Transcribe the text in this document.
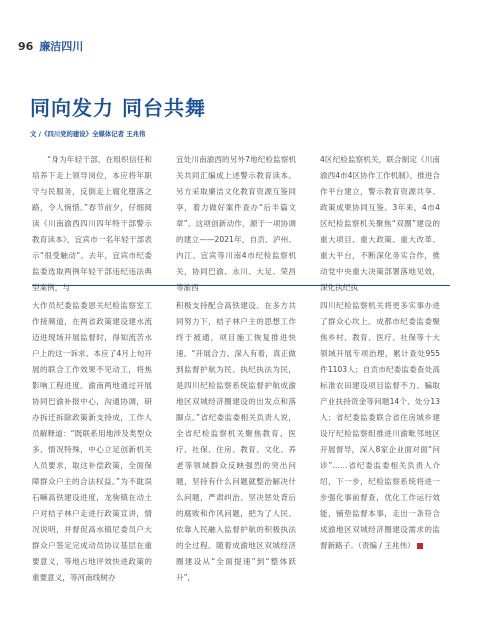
96 廉洁四川
同向发力 同台共舞
文 /《四川党的建设》全媒体记者 王兆伟

“身为年轻干部，在组织信任和培养下走上领导岗位，本应将年职守与民服务，反倒走上腐化堕落之路，令人惋惜。”春节前夕，仔细阅读《川南渝西四川四年特干部警示教育读本》，宜宾市一名年轻干部表示“很受触动”。去年，宜宾市纪委监委选取两例年轻干部违纪违法典型案例，与

宜处川南渝西的另外7地纪检监察机关共同汇编成上述警示教育读本。另方采取廉洁文化教育资源互鉴同享，着力做好案件查办“后半篇文章”。这项创新动作，源于一项协调的建立——2021年，自贡、泸州、内江、宜宾等川南4市纪检监察机关，协同巴渝、永川、大足、荣昌等渝西

4区纪检监察机关，联合制定《川南渝西4市4区协作工作机制》，推进合作平台建立，警示教育资源共享、政策成果协同互鉴。3年来，4市4区纪检监察机关聚焦“双圈”建设的重大项目、重大政策、重大改革、重大平台，不断深化务实合作，推动党中央重大决策部署落地见效，深化执纪执

大作员纪委监委恩关纪检监察室工作接频道，在两省政策建设建水流迈进现场开展监督时，得知流苦水户上的这一诉求。本应了4月上旬开展的联合工作效果不见动工，将焦影响工程进度。渝南两地通过开展协同巴渝补报中心，沟通协调，研办拆迁拆除政策新支持成，工作人员解释道：“既联系用地涉及类型众多、情况特殊，中心立足创新机关人员要求，取这补偿政策，全面保障群众户主的合法权益。”为不耽误石嘛高铁建设进度，龙驹镇在动土户对桔子林户走进行政策宣讲，情况说明，并督促高水镇尼委员户大群众户签定完成动员协议基层在重要意义，等地占地评效快进政策的重要意义，等河南线树办

积极支持配合高铁建设。在多方共同努力下，桔子林户主的思想工作终于被通，项目施工恢复推进快速。“开展合力、深入有着，真正做到监督护航为民、执纪执法为民，是四川纪检监察系统监督护航成渝地区双城经济圈建设的出发点和落脚点。”省纪委监委相关负责人说，全省纪检监察机关聚焦教育、医疗、社保、住房、教育、文化、养老等领域群众反映强烈的突出问题，坚持有什么问题就整治解决什么问题，严肃纠治、坚决惩处背后的腐败和作风问题，把为了人民、依靠人民融入监督护航的积极执法的全过程。随着成渝地区双城经济圈建设从“全面提速”到“整体跃升”，

四川纪检监察机关将更多实事办进了群众心坎上。成都市纪委监委聚焦乡村、教育、医疗、社保等十大领域开展专项治理，累计查处955件1103人；自贡市纪委监委查处高标准农田建设项目监督不力、骗取产业扶持资金等问题14个、处分13人；省纪委监委联合省住房城乡建设厅纪检监察组推进川渝毗邻地区开展督导，深入8家企业面对面“问诊”……省纪委监委相关负责人介绍，下一步，纪检监察系统将进一步强化事前督查，优化工作运行效能，铺垫监督本事，走出一条符合成渝地区双城经济圈建设需求的监督新路子。（责编 / 王兆伟）
